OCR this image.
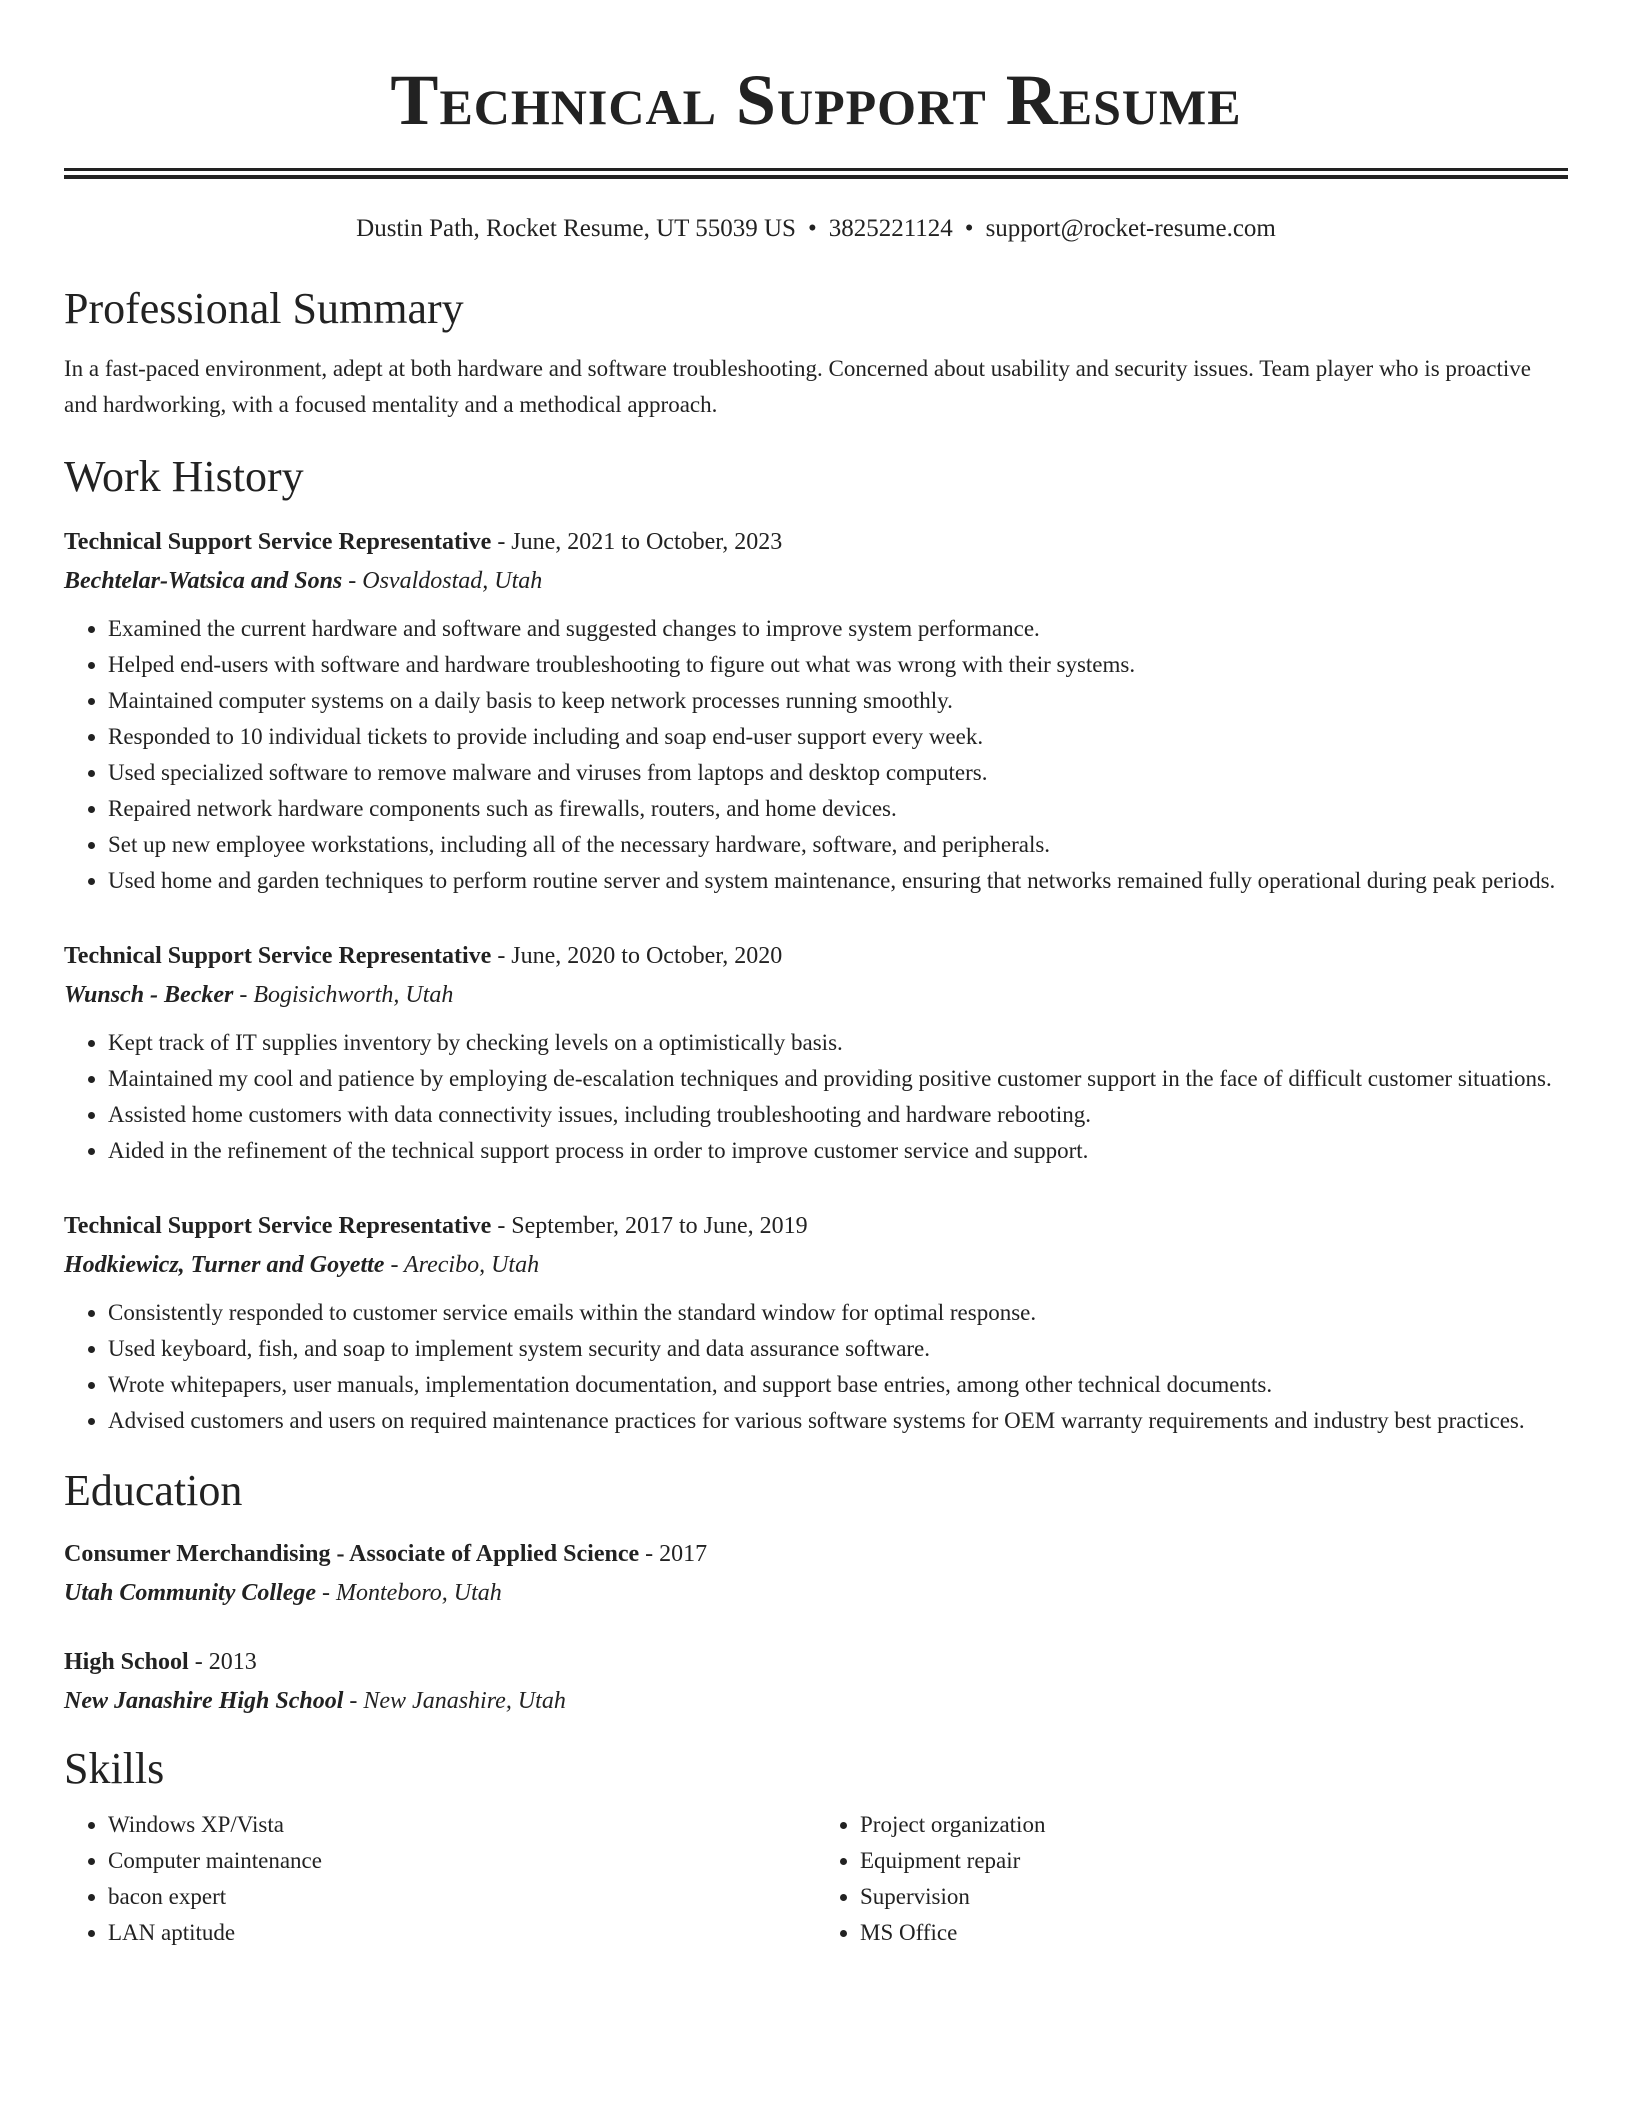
Technical Support Resume
Dustin Path, Rocket Resume, UT 55039 US • 3825221124 • support@rocket-resume.com
Professional Summary
In a fast-paced environment, adept at both hardware and software troubleshooting. Concerned about usability and security issues. Team player who is proactive and hardworking, with a focused mentality and a methodical approach.
Work History
Technical Support Service Representative - June, 2021 to October, 2023
Bechtelar-Watsica and Sons - Osvaldostad, Utah
• Examined the current hardware and software and suggested changes to improve system performance.
• Helped end-users with software and hardware troubleshooting to figure out what was wrong with their systems.
• Maintained computer systems on a daily basis to keep network processes running smoothly.
• Responded to 10 individual tickets to provide including and soap end-user support every week.
• Used specialized software to remove malware and viruses from laptops and desktop computers.
• Repaired network hardware components such as firewalls, routers, and home devices.
• Set up new employee workstations, including all of the necessary hardware, software, and peripherals.
• Used home and garden techniques to perform routine server and system maintenance, ensuring that networks remained fully operational during peak periods.
Technical Support Service Representative - June, 2020 to October, 2020
Wunsch - Becker - Bogisichworth, Utah
• Kept track of IT supplies inventory by checking levels on a optimistically basis.
• Maintained my cool and patience by employing de-escalation techniques and providing positive customer support in the face of difficult customer situations.
• Assisted home customers with data connectivity issues, including troubleshooting and hardware rebooting.
• Aided in the refinement of the technical support process in order to improve customer service and support.
Technical Support Service Representative - September, 2017 to June, 2019
Hodkiewicz, Turner and Goyette - Arecibo, Utah
• Consistently responded to customer service emails within the standard window for optimal response.
• Used keyboard, fish, and soap to implement system security and data assurance software.
• Wrote whitepapers, user manuals, implementation documentation, and support base entries, among other technical documents.
• Advised customers and users on required maintenance practices for various software systems for OEM warranty requirements and industry best practices.
Education
Consumer Merchandising - Associate of Applied Science - 2017
Utah Community College - Monteboro, Utah
High School - 2013
New Janashire High School - New Janashire, Utah
Skills
• Windows XP/Vista
• Computer maintenance
• bacon expert
• LAN aptitude
• Project organization
• Equipment repair
• Supervision
• MS Office
